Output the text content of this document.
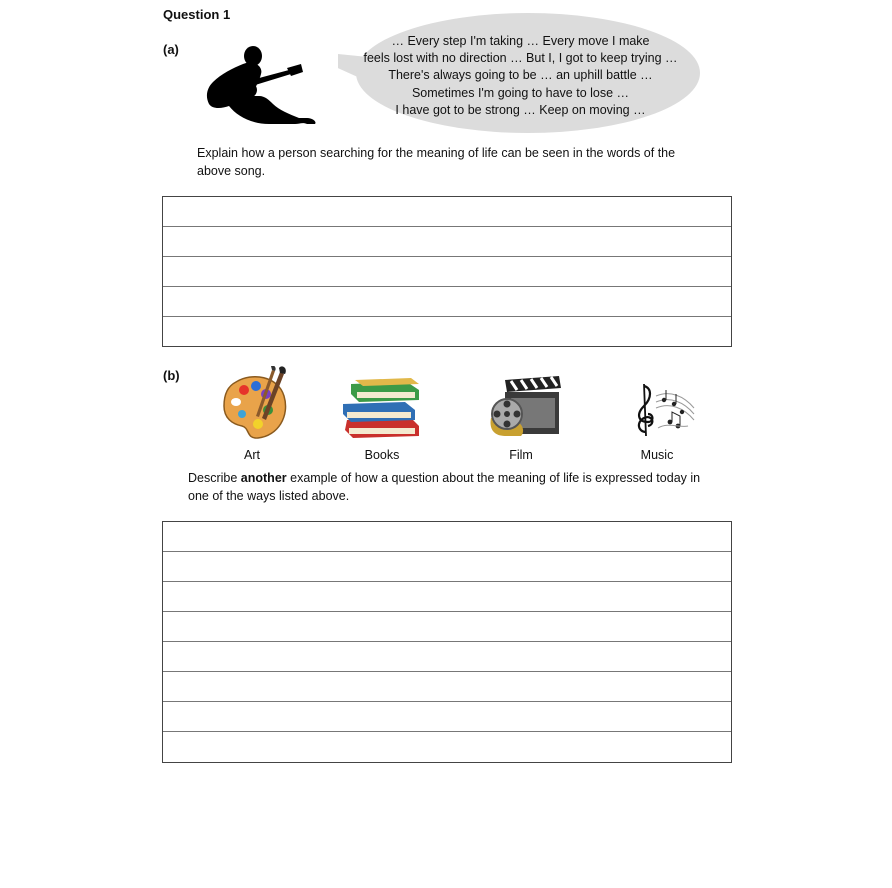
Question 1
(a)
… Every step I'm taking … Every move I make
feels lost with no direction … But I, I got to keep trying …
There's always going to be … an uphill battle …
Sometimes I'm going to have to lose …
I have got to be strong … Keep on moving …
Explain how a person searching for the meaning of life can be seen in the words of the above song.
(b)
Art	Books	Film	Music
Describe another example of how a question about the meaning of life is expressed today in one of the ways listed above.
